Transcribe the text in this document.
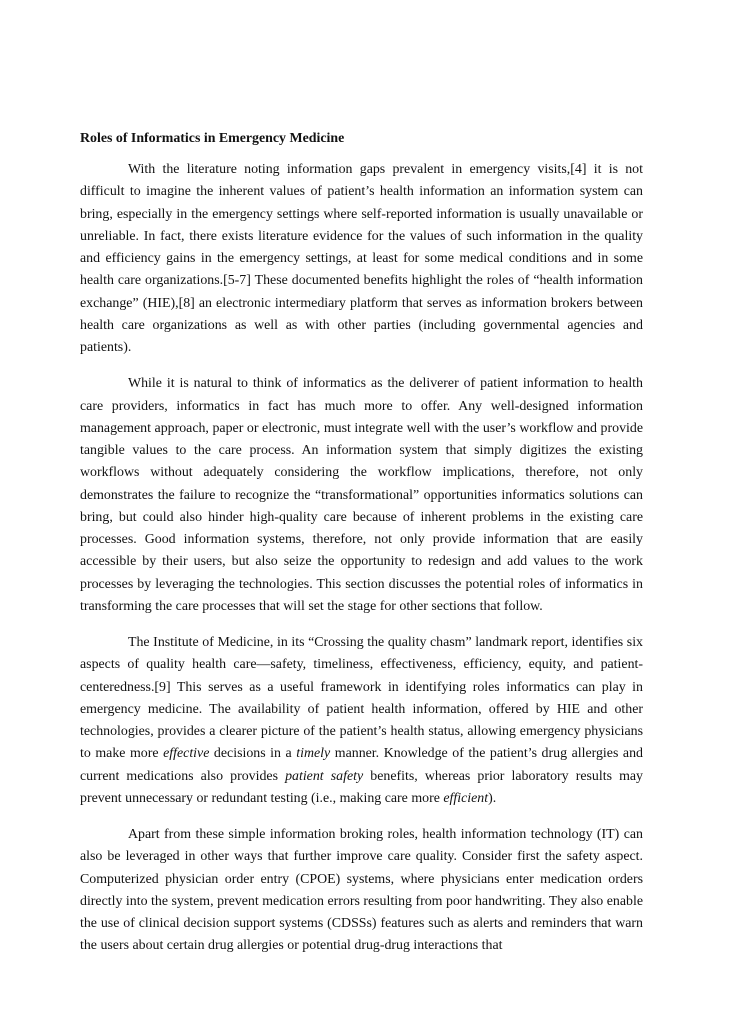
Roles of Informatics in Emergency Medicine

With the literature noting information gaps prevalent in emergency visits,[4] it is not difficult to imagine the inherent values of patient’s health information an information system can bring, especially in the emergency settings where self-reported information is usually unavailable or unreliable. In fact, there exists literature evidence for the values of such information in the quality and efficiency gains in the emergency settings, at least for some medical conditions and in some health care organizations.[5-7] These documented benefits highlight the roles of “health information exchange” (HIE),[8] an electronic intermediary platform that serves as information brokers between health care organizations as well as with other parties (including governmental agencies and patients).

While it is natural to think of informatics as the deliverer of patient information to health care providers, informatics in fact has much more to offer. Any well-designed information management approach, paper or electronic, must integrate well with the user’s workflow and provide tangible values to the care process. An information system that simply digitizes the existing workflows without adequately considering the workflow implications, therefore, not only demonstrates the failure to recognize the “transformational” opportunities informatics solutions can bring, but could also hinder high-quality care because of inherent problems in the existing care processes. Good information systems, therefore, not only provide information that are easily accessible by their users, but also seize the opportunity to redesign and add values to the work processes by leveraging the technologies. This section discusses the potential roles of informatics in transforming the care processes that will set the stage for other sections that follow.

The Institute of Medicine, in its “Crossing the quality chasm” landmark report, identifies six aspects of quality health care—safety, timeliness, effectiveness, efficiency, equity, and patient-centeredness.[9] This serves as a useful framework in identifying roles informatics can play in emergency medicine. The availability of patient health information, offered by HIE and other technologies, provides a clearer picture of the patient’s health status, allowing emergency physicians to make more effective decisions in a timely manner. Knowledge of the patient’s drug allergies and current medications also provides patient safety benefits, whereas prior laboratory results may prevent unnecessary or redundant testing (i.e., making care more efficient).

Apart from these simple information broking roles, health information technology (IT) can also be leveraged in other ways that further improve care quality. Consider first the safety aspect. Computerized physician order entry (CPOE) systems, where physicians enter medication orders directly into the system, prevent medication errors resulting from poor handwriting. They also enable the use of clinical decision support systems (CDSSs) features such as alerts and reminders that warn the users about certain drug allergies or potential drug-drug interactions that
